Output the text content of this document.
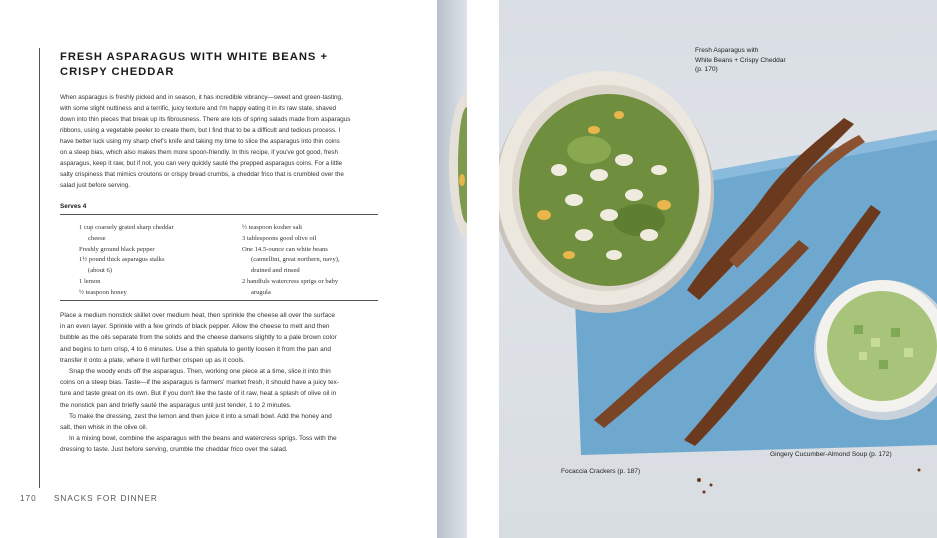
FRESH ASPARAGUS WITH WHITE BEANS +
CRISPY CHEDDAR
When asparagus is freshly picked and in season, it has incredible vibrancy—sweet and green-tasting,
with some slight nuttiness and a terrific, juicy texture and I'm happy eating it in its raw state, shaved
down into thin pieces that break up its fibrousness. There are lots of spring salads made from asparagus
ribbons, using a vegetable peeler to create them, but I find that to be a difficult and tedious process. I
have better luck using my sharp chef's knife and taking my time to slice the asparagus into thin coins
on a steep bias, which also makes them more spoon-friendly. In this recipe, if you've got good, fresh
asparagus, keep it raw, but if not, you can very quickly sauté the prepped asparagus coins. For a little
salty crispiness that mimics croutons or crispy bread crumbs, a cheddar frico that is crumbled over the
salad just before serving.
Serves 4
1 cup coarsely grated sharp cheddar
cheese
Freshly ground black pepper
1½ pound thick asparagus stalks
(about 6)
1 lemon
½ teaspoon honey
½ teaspoon kosher salt
3 tablespoons good olive oil
One 14.5-ounce can white beans
(cannellini, great northern, navy),
drained and rinsed
2 handfuls watercress sprigs or baby
arugula
Place a medium nonstick skillet over medium heat, then sprinkle the cheese all over the surface
in an even layer. Sprinkle with a few grinds of black pepper. Allow the cheese to melt and then
bubble as the oils separate from the solids and the cheese darkens slightly to a pale brown color
and begins to turn crisp, 4 to 6 minutes. Use a thin spatula to gently loosen it from the pan and
transfer it onto a plate, where it will further crispen up as it cools.
Snap the woody ends off the asparagus. Then, working one piece at a time, slice it into thin
coins on a steep bias. Taste—if the asparagus is farmers' market fresh, it should have a juicy tex-
ture and taste great on its own. But if you don't like the taste of it raw, heat a splash of olive oil in
the nonstick pan and briefly sauté the asparagus until just tender, 1 to 2 minutes.
To make the dressing, zest the lemon and then juice it into a small bowl. Add the honey and
salt, then whisk in the olive oil.
In a mixing bowl, combine the asparagus with the beans and watercress sprigs. Toss with the
dressing to taste. Just before serving, crumble the cheddar frico over the salad.
170 SNACKS FOR DINNER
Fresh Asparagus with
White Beans + Crispy Cheddar
(p. 170)
Gingery Cucumber-Almond Soup (p. 172)
Focaccia Crackers (p. 187)
